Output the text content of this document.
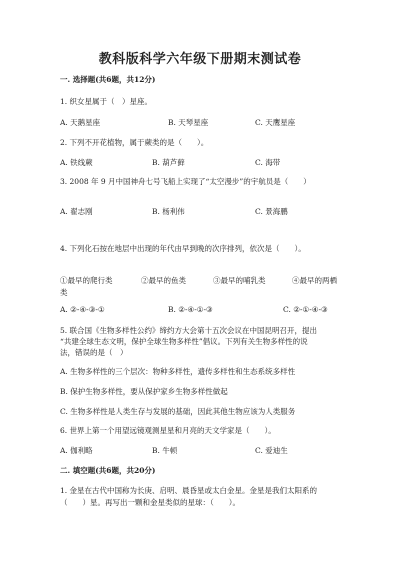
教科版科学六年级下册期末测试卷
一. 选择题(共6题，共12分)
1. 织女星属于（　）星座。
A. 天鹅星座	B. 天琴星座	C. 天鹰星座
2. 下列不开花植物，属于蕨类的是（　　）。
A. 铁线蕨	B. 葫芦藓	C. 海带
3. 2008 年 9 月中国神舟七号飞船上实现了“太空漫步”的宇航员是（　　）
A. 翟志刚	B. 杨利伟	C. 景海鹏
4. 下列化石按在地层中出现的年代由早到晚的次序排列，依次是（　　）。
①最早的爬行类	②最早的鱼类	③最早的哺乳类	④最早的两栖
类
A. ②-④-③-①	B. ②-④-①-③	C. ②-①-④-③
5. 联合国《生物多样性公约》缔约方大会第十五次会议在中国昆明召开，提出
“共建全球生态文明，保护全球生物多样性”倡议。下列有关生物多样性的说
法，错误的是（　）
A. 生物多样性的三个层次：物种多样性，遗传多样性和生态系统多样性
B. 保护生物多样性，要从保护家乡生物多样性做起
C. 生物多样性是人类生存与发展的基础，因此其他生物应该为人类服务
6. 世界上第一个用望远镜观测星星和月亮的天文学家是（　　）。
A. 伽利略	B. 牛顿	C. 爱迪生
二. 填空题(共6题，共20分)
1. 金星在古代中国称为长庚、启明、晨昏星或太白金星。金星是我们太阳系的
（　　）星。再写出一颗和金星类似的星球：（　　）。
